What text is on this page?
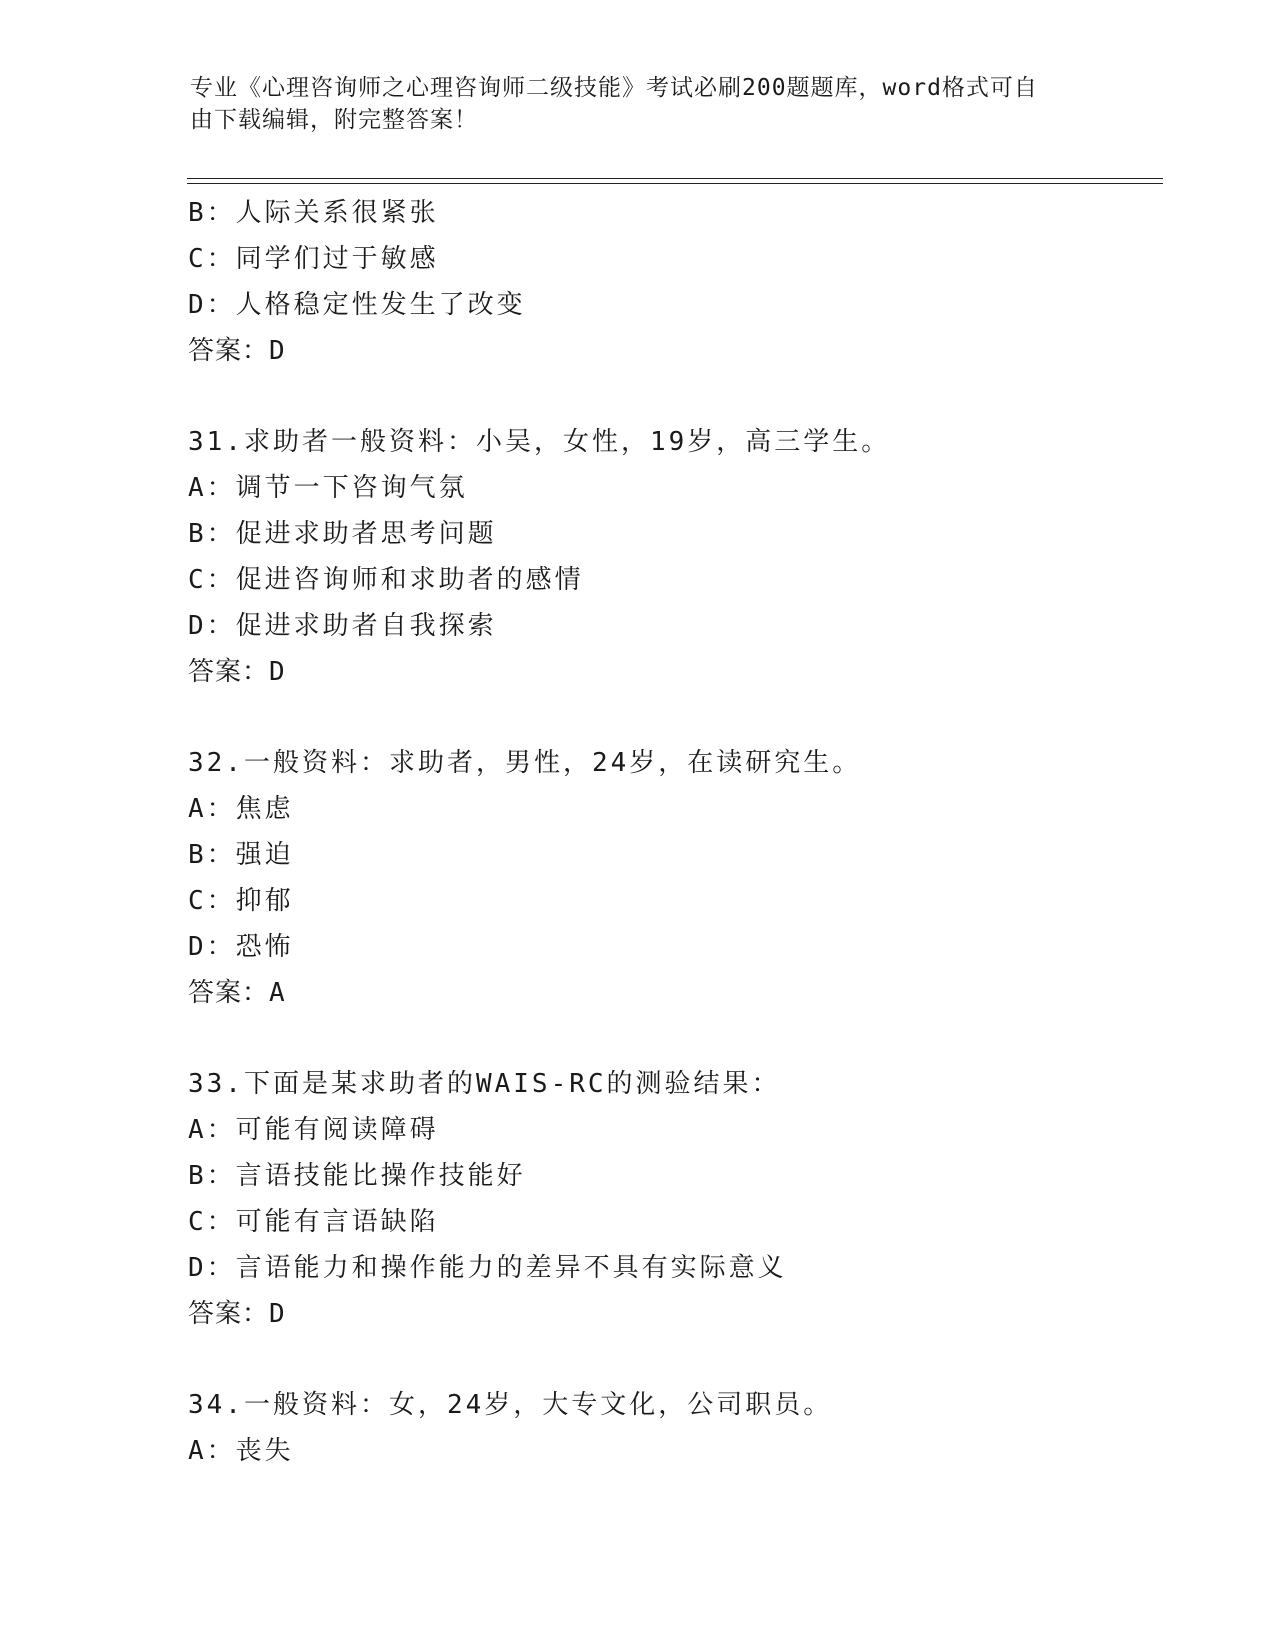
专业《心理咨询师之心理咨询师二级技能》考试必刷200题题库，word格式可自
由下载编辑，附完整答案！
B：人际关系很紧张
C：同学们过于敏感
D：人格稳定性发生了改变
答案：D
31.求助者一般资料：小吴，女性，19岁，高三学生。
A：调节一下咨询气氛
B：促进求助者思考问题
C：促进咨询师和求助者的感情
D：促进求助者自我探索
答案：D
32.一般资料：求助者，男性，24岁，在读研究生。
A：焦虑
B：强迫
C：抑郁
D：恐怖
答案：A
33.下面是某求助者的WAIS-RC的测验结果：
A：可能有阅读障碍
B：言语技能比操作技能好
C：可能有言语缺陷
D：言语能力和操作能力的差异不具有实际意义
答案：D
34.一般资料：女，24岁，大专文化，公司职员。
A：丧失
